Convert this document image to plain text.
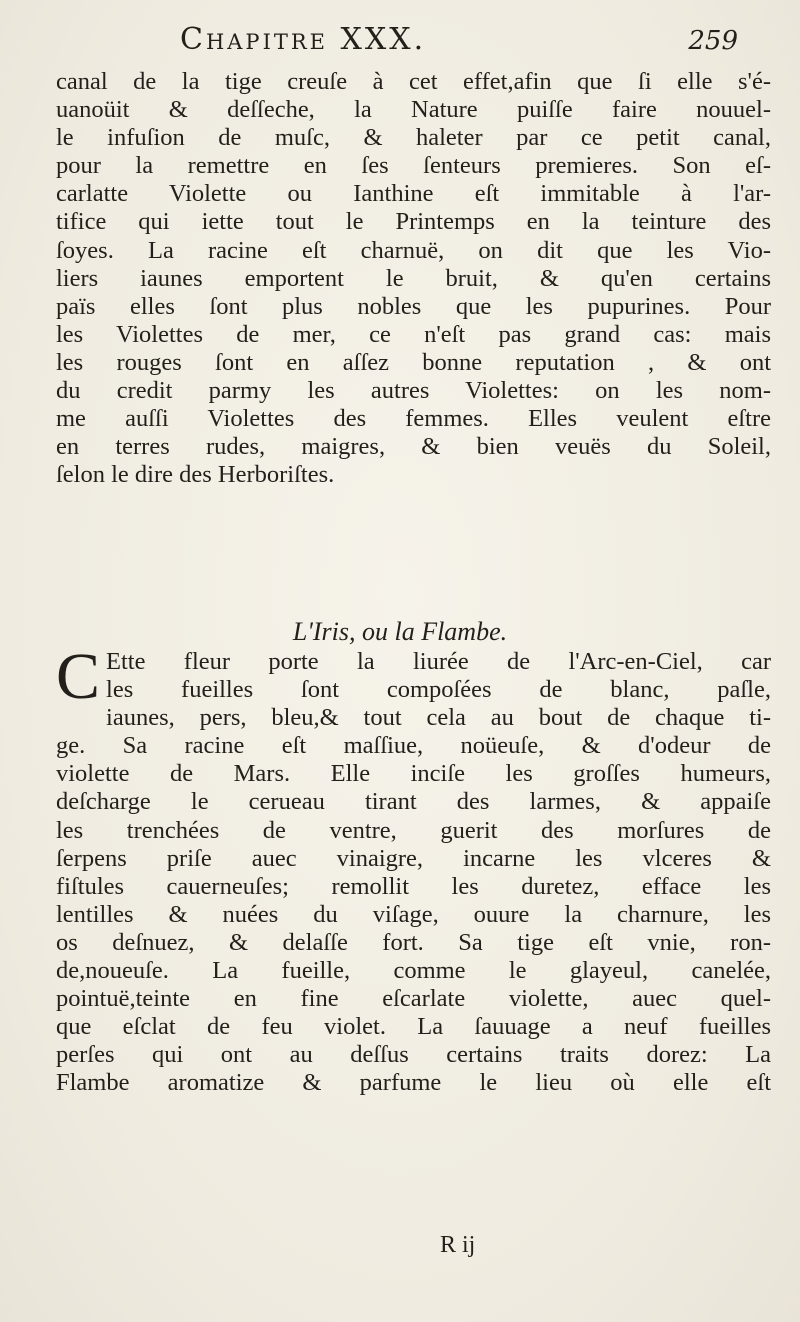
Chapitre XXX.	259
canal de la tige creuſe à cet effet,afin que ſi elle s'é-
uanoüit & deſſeche, la Nature puiſſe faire nouuel-
le infuſion de muſc, & haleter par ce petit canal,
pour la remettre en ſes ſenteurs premieres. Son eſ-
carlatte Violette ou Ianthine eſt immitable à l'ar-
tifice qui iette tout le Printemps en la teinture des
ſoyes. La racine eſt charnuë, on dit que les Vio-
liers iaunes emportent le bruit, & qu'en certains
païs elles ſont plus nobles que les pupurines. Pour
les Violettes de mer, ce n'eſt pas grand cas: mais
les rouges ſont en aſſez bonne reputation , & ont
du credit parmy les autres Violettes: on les nom-
me auſſi Violettes des femmes. Elles veulent eſtre
en terres rudes, maigres, & bien veuës du Soleil,
ſelon le dire des Herboriſtes.
L'Iris, ou la Flambe.
C Ette fleur porte la liurée de l'Arc-en-Ciel, car
les fueilles ſont compoſées de blanc, paſle,
iaunes, pers, bleu,& tout cela au bout de chaque ti-
ge. Sa racine eſt maſſiue, noüeuſe, & d'odeur de
violette de Mars. Elle inciſe les groſſes humeurs,
deſcharge le cerueau tirant des larmes, & appaiſe
les trenchées de ventre, guerit des morſures de
ſerpens priſe auec vinaigre, incarne les vlceres &
fiſtules cauerneuſes; remollit les duretez, efface les
lentilles & nuées du viſage, ouure la charnure, les
os deſnuez, & delaſſe fort. Sa tige eſt vnie, ron-
de,noueuſe. La fueille, comme le glayeul, canelée,
pointuë,teinte en fine eſcarlate violette, auec quel-
que eſclat de feu violet. La ſauuage a neuf fueilles
perſes qui ont au deſſus certains traits dorez: La
Flambe aromatize & parfume le lieu où elle eſt
R ij
